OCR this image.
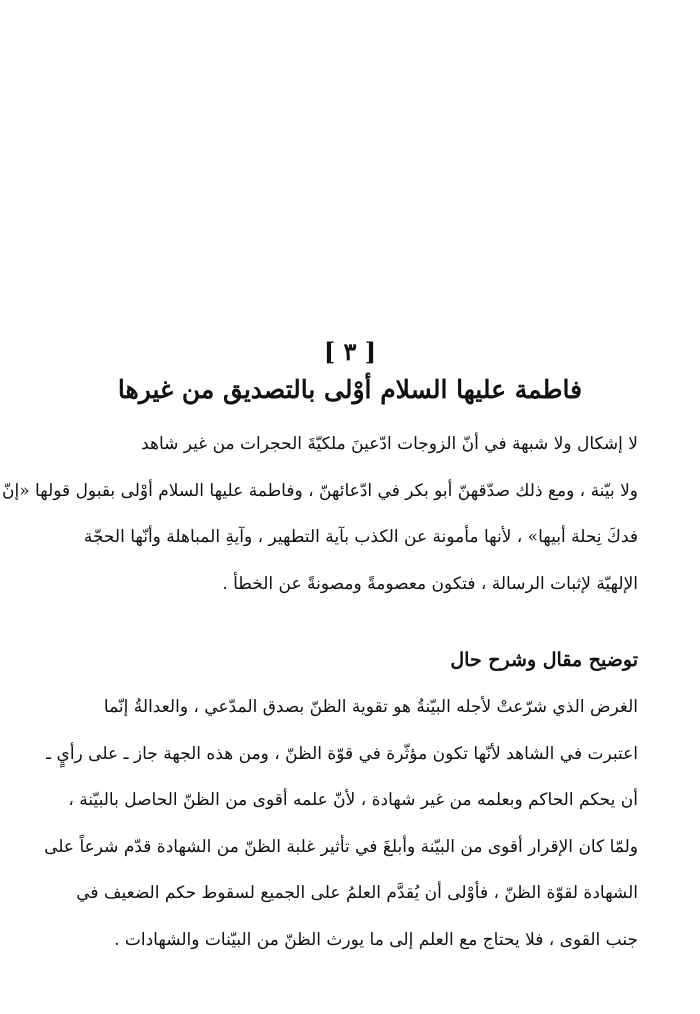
[ ٣ ]
فاطمة عليها السلام أوْلى بالتصديق من غيرها
لا إشكال ولا شبهة في أنّ الزوجات ادّعينَ ملكيّةَ الحجرات من غير شاهد
ولا بيّنة ، ومع ذلك صدّقهنّ أبو بكر في ادّعائهنّ ، وفاطمة عليها السلام أوْلى بقبول قولها «إنّ
فدكَ نِحلة أبيها» ، لأنها مأمونة عن الكذب بآية التطهير ، وآيةِ المباهلة وأنّها الحجّة
الإلهيّة لإثبات الرسالة ، فتكون معصومةً ومصونةً عن الخطأ .
توضيح مقال وشرح حال
الغرض الذي شرّعتْ لأجله البيّنةُ هو تقوية الظنّ بصدق المدّعي ، والعدالةُ إنّما
اعتبرت في الشاهد لأنّها تكون مؤثّرة في قوّة الظنّ ، ومن هذه الجهة جاز ـ على رأيٍ ـ
أن يحكم الحاكم وبعلمه من غير شهادة ، لأنّ علمه أقوى من الظنّ الحاصل بالبيّنة ،
ولمّا كان الإقرار أقوى من البيّنة وأبلغَ في تأثير غلبة الظنّ من الشهادة قدّم شرعاً على
الشهادة لقوّة الظنّ ، فأوْلى أن يُقدَّم العلمُ على الجميع لسقوط حكم الضعيف في
جنب القوى ، فلا يحتاج مع العلم إلى ما يورث الظنّ من البيّنات والشهادات .
